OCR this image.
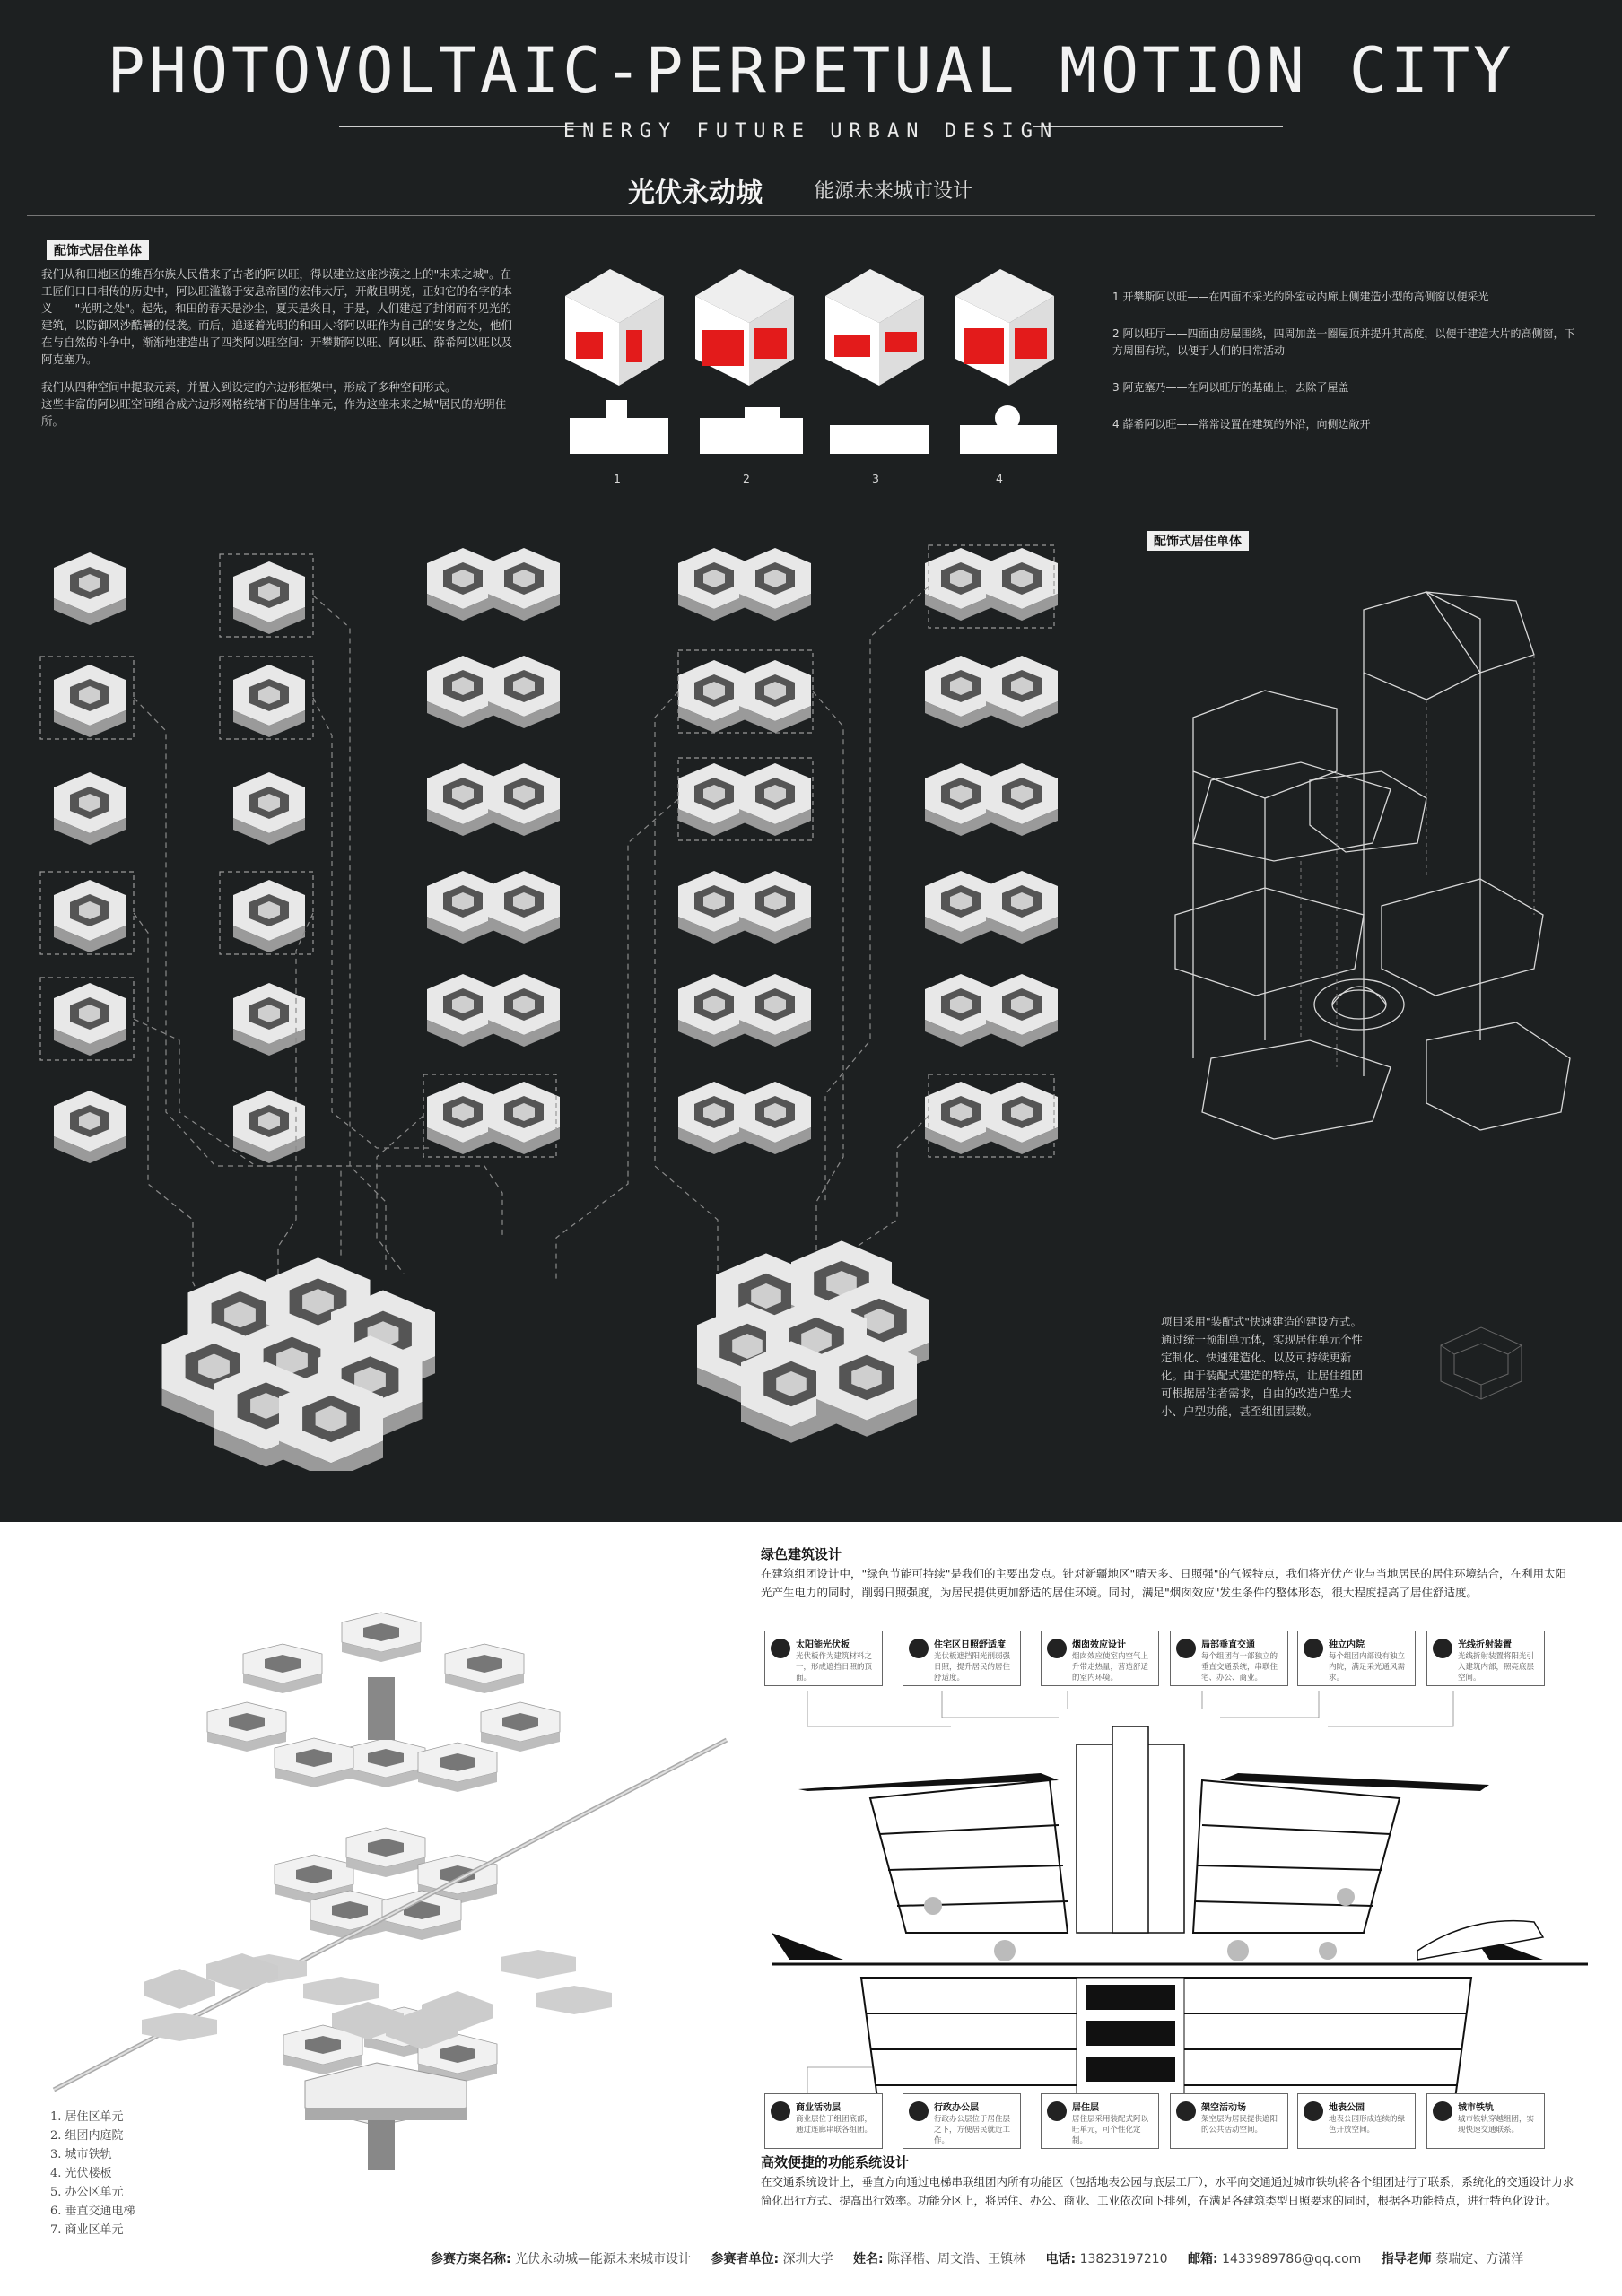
PHOTOVOLTAIC-PERPETUAL MOTION CITY
ENERGY FUTURE URBAN DESIGN
光伏永动城	能源未来城市设计
配饰式居住单体

我们从和田地区的维吾尔族人民借来了古老的阿以旺，得以建立这座沙漠之上的"未来之城"。在工匠们口口相传的历史中，阿以旺滥觞于安息帝国的宏伟大厅，开敞且明亮，正如它的名字的本义——"光明之处"。起先，和田的春天是沙尘，夏天是炎日，于是，人们建起了封闭而不见光的建筑，以防御风沙酷暑的侵袭。而后，追逐着光明的和田人将阿以旺作为自己的安身之处，他们在与自然的斗争中，渐渐地建造出了四类阿以旺空间：开攀斯阿以旺、阿以旺、薛希阿以旺以及阿克塞乃。

我们从四种空间中提取元素，并置入到设定的六边形框架中，形成了多种空间形式。

这些丰富的阿以旺空间组合成六边形网格统辖下的居住单元，作为这座未来之城"居民的光明住所。

1	2	3	4
1 开攀斯阿以旺——在四面不采光的卧室或内廊上侧建造小型的高侧窗以便采光
2 阿以旺厅——四面由房屋围绕，四周加盖一圈屋顶并提升其高度，以便于建造大片的高侧窗，下方周围有坑，以便于人们的日常活动
3 阿克塞乃——在阿以旺厅的基础上，去除了屋盖
4 薛希阿以旺——常常设置在建筑的外沿，向侧边敞开
配饰式居住单体
项目采用"装配式"快速建造的建设方式。通过统一预制单元体，实现居住单元个性定制化、快速建造化、以及可持续更新化。由于装配式建造的特点，让居住组团可根据居住者需求，自由的改造户型大小、户型功能，甚至组团层数。
1. 居住区单元
2. 组团内庭院
3. 城市铁轨
4. 光伏楼板
5. 办公区单元
6. 垂直交通电梯
7. 商业区单元
绿色建筑设计
在建筑组团设计中，"绿色节能可持续"是我们的主要出发点。针对新疆地区"晴天多、日照强"的气候特点，我们将光伏产业与当地居民的居住环境结合，在利用太阳光产生电力的同时，削弱日照强度，为居民提供更加舒适的居住环境。同时，满足"烟囱效应"发生条件的整体形态，很大程度提高了居住舒适度。
太阳能光伏板
光伏板作为建筑材料之一，形成遮挡日照的顶面。
住宅区日照舒适度
光伏板遮挡阳光削弱强日照，提升居民的居住舒适度。
烟囱效应设计
烟囱效应使室内空气上升带走热量，营造舒适的室内环境。
局部垂直交通
每个组团有一部独立的垂直交通系统，串联住宅、办公、商业。
独立内院
每个组团内部设有独立内院，满足采光通风需求。
光线折射装置
光线折射装置将阳光引入建筑内部，照亮底层空间。
商业活动层
商业层位于组团底部，通过连廊串联各组团。
行政办公层
行政办公层位于居住层之下，方便居民就近工作。
居住层
居住层采用装配式阿以旺单元，可个性化定制。
架空活动场
架空层为居民提供遮阳的公共活动空间。
地表公园
地表公园形成连续的绿色开放空间。
城市铁轨
城市铁轨穿越组团，实现快速交通联系。
高效便捷的功能系统设计
在交通系统设计上，垂直方向通过电梯串联组团内所有功能区（包括地表公园与底层工厂），水平向交通通过城市铁轨将各个组团进行了联系，系统化的交通设计力求简化出行方式、提高出行效率。功能分区上，将居住、办公、商业、工业依次向下排列，在满足各建筑类型日照要求的同时，根据各功能特点，进行特色化设计。
参赛方案名称: 光伏永动城—能源未来城市设计 参赛者单位: 深圳大学 姓名: 陈泽楷、周文浩、王镇林 电话: 13823197210 邮箱: 1433989786@qq.com 指导老师 蔡瑞定、方潇洋
